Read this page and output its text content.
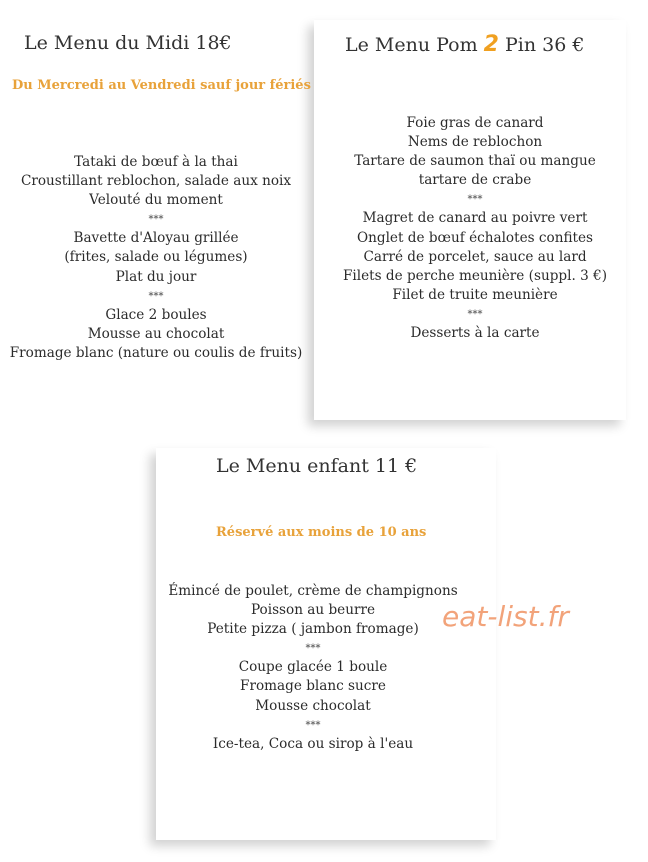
Le Menu du Midi 18€
Du Mercredi au Vendredi sauf jour fériés
Tataki de bœuf à la thai
Croustillant reblochon, salade aux noix
Velouté du moment
***
Bavette d'Aloyau grillée
(frites, salade ou légumes)
Plat du jour
***
Glace 2 boules
Mousse au chocolat
Fromage blanc (nature ou coulis de fruits)
Le Menu Pom 2 Pin 36 €
Foie gras de canard
Nems de reblochon
Tartare de saumon thaï ou mangue
tartare de crabe
***
Magret de canard au poivre vert
Onglet de bœuf échalotes confites
Carré de porcelet, sauce au lard
Filets de perche meunière (suppl. 3 €)
Filet de truite meunière
***
Desserts à la carte
Le Menu enfant 11 €
Réservé aux moins de 10 ans
Émincé de poulet, crème de champignons
Poisson au beurre
Petite pizza ( jambon fromage)
***
Coupe glacée 1 boule
Fromage blanc sucre
Mousse chocolat
***
Ice-tea, Coca ou sirop à l'eau
eat-list.fr
